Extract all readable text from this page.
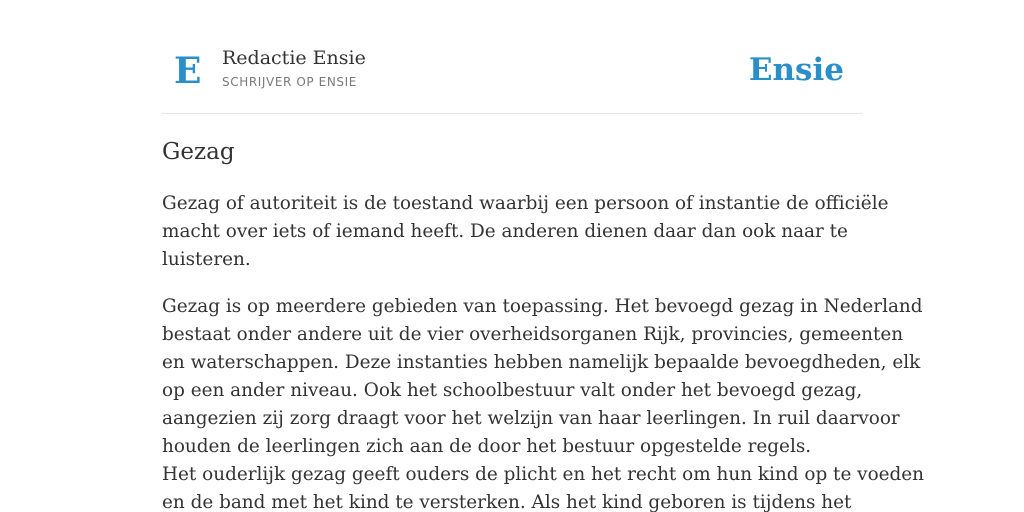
E Redactie Ensie
SCHRIJVER OP ENSIE	Ensie
Gezag

Gezag of autoriteit is de toestand waarbij een persoon of instantie de officiële
macht over iets of iemand heeft. De anderen dienen daar dan ook naar te
luisteren.

Gezag is op meerdere gebieden van toepassing. Het bevoegd gezag in Nederland
bestaat onder andere uit de vier overheidsorganen Rijk, provincies, gemeenten
en waterschappen. Deze instanties hebben namelijk bepaalde bevoegdheden, elk
op een ander niveau. Ook het schoolbestuur valt onder het bevoegd gezag,
aangezien zij zorg draagt voor het welzijn van haar leerlingen. In ruil daarvoor
houden de leerlingen zich aan de door het bestuur opgestelde regels.
Het ouderlijk gezag geeft ouders de plicht en het recht om hun kind op te voeden
en de band met het kind te versterken. Als het kind geboren is tijdens het
